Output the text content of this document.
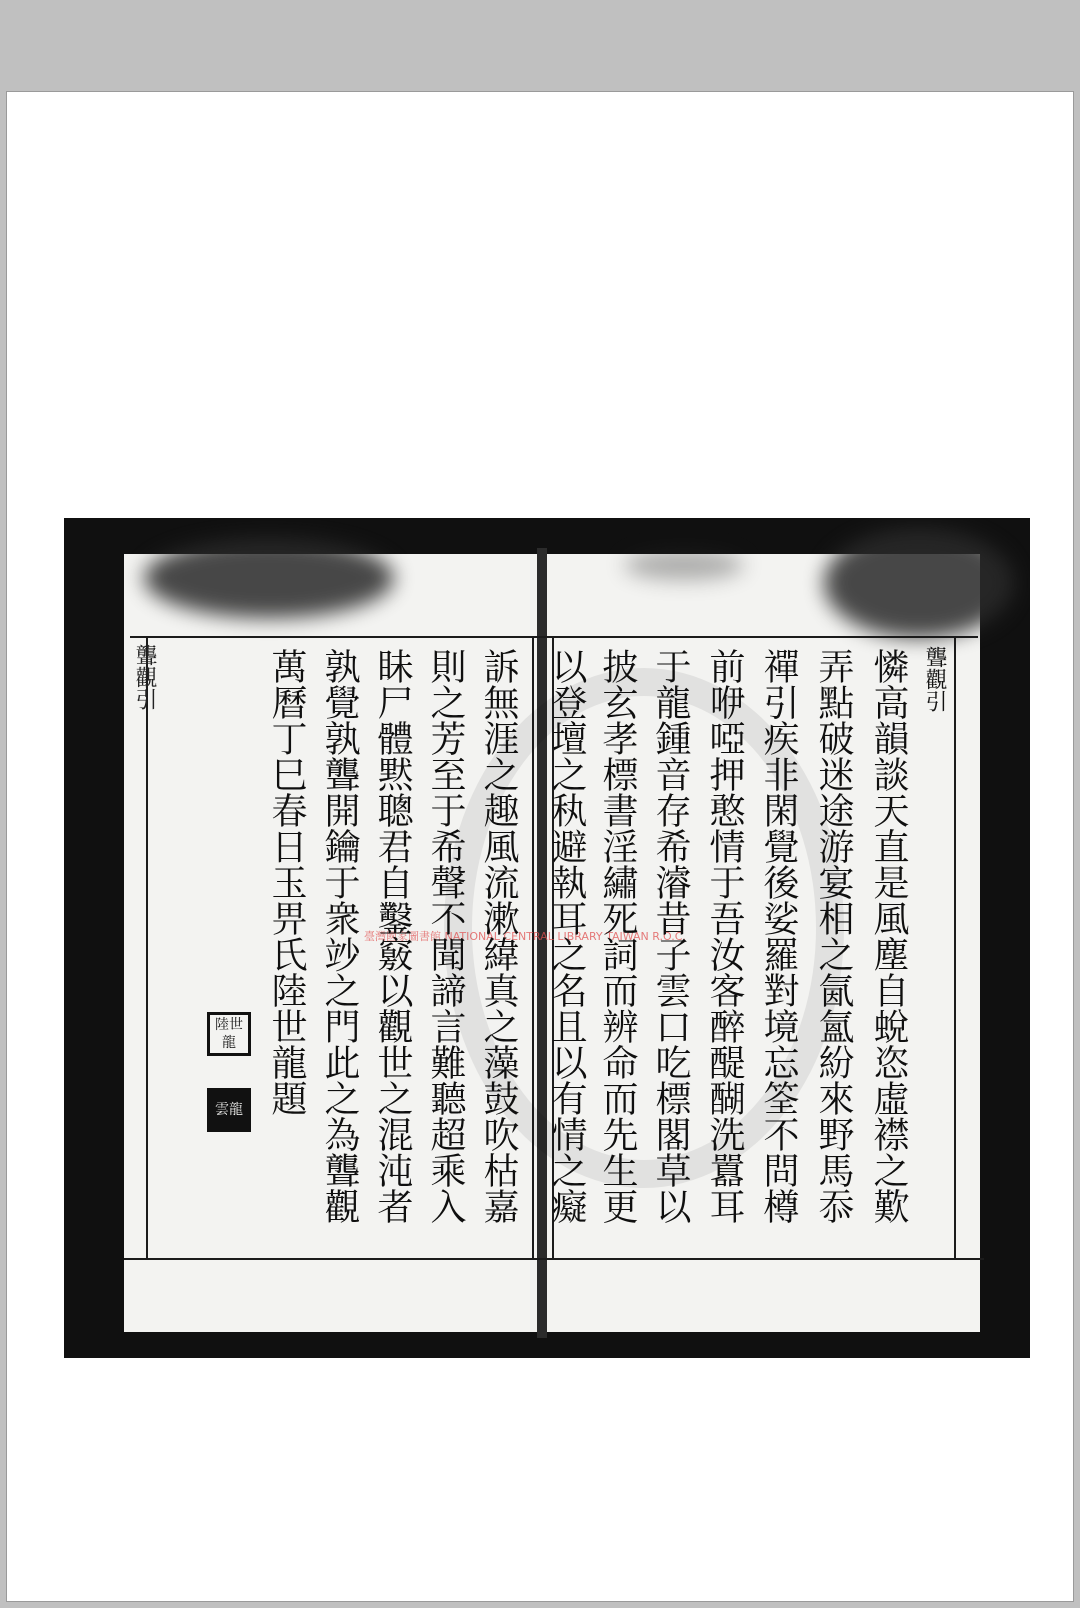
臺灣國家圖書館 NATIONAL CENTRAL LIBRARY TAIWAN R.O.C.
聾觀引
聾觀引	憐高韻談天直是風塵自蛻恣虛襟之歎
弄點破迷途游宴相之氤氳紛來野馬忝
禪引疾非閑覺後娑羅對境忘筌不問樽
前咿啞押憨情于吾汝客醉醍醐洗囂耳
于龍鍾音存希濬昔子雲口吃標閣草以
披玄孝標書淫繡死詞而辨命而先生更
以登壇之秇避執耳之名且以有情之癡
訴無涯之趣風流漱緯真之藻鼓吹枯嘉
則之芳至于希聲不聞諦言難聽超乘入
眛尸體黙聰君自鑿竅以觀世之混沌者
孰覺孰聾開鑰于衆竗之門此之為聾觀
萬曆丁巳春日玉畀氏陸世龍題
陸世龍
雲龍
